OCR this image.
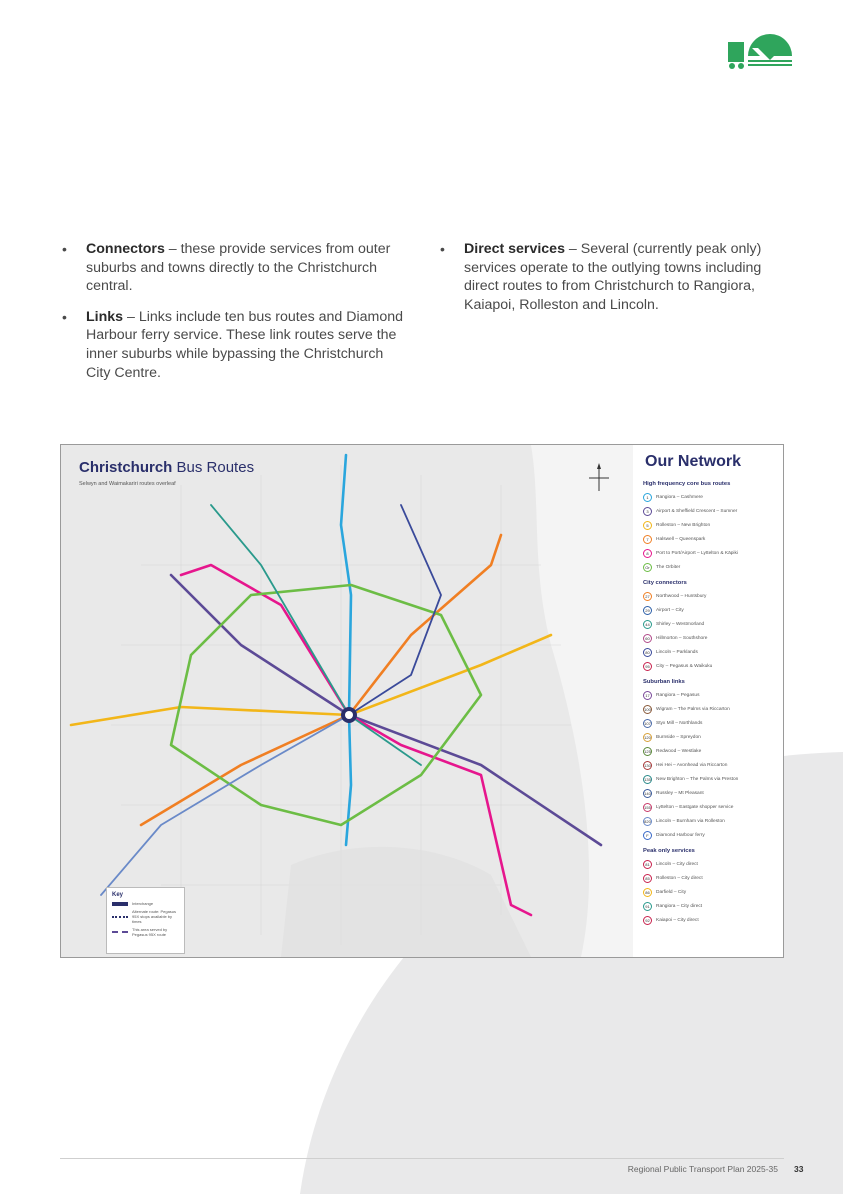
• Connectors – these provide services from outer suburbs and towns directly to the Christchurch central.
• Links – Links include ten bus routes and Diamond Harbour ferry service. These link routes serve the inner suburbs while bypassing the Christchurch City Centre.
• Direct services – Several (currently peak only) services operate to the outlying towns including direct routes to from Christchurch to Rangiora, Kaiapoi, Rolleston and Lincoln.
Christchurch Bus Routes
Selwyn and Waimakariri routes overleaf
Key
Interchange
Alternate route: Pegasus 95X stops available by times
This area served by Pegasus 95X route
Our Network
High frequency core bus routes
1	Rangiora – Cashmere
3	Airport & Sheffield Crescent – Sumner
5	Rolleston – New Brighton
7	Halswell – Queenspark
8	Port to Port/Airport – Lyttelton & Kāpiki
Or	The Orbiter
City connectors
27	Northwood – Huntsbury
29	Airport – City
44	Shirley – Westmorland
60	Hillmorton – Southshore
80	Lincoln – Parklands
95	City – Pegasus & Waikuku
Suburban links
17	Rangiora – Pegasus
100 Wigram – The Palms via Riccarton
107 Styx Mill – Northlands
120 Burnside – Spreydon
125 Redwood – Westlake
130 Hei Hei – Avonhead via Riccarton
135 New Brighton – The Palms via Preston
140 Russley – Mt Pleasant
155 Lyttelton – Eastgate shopper service
820 Lincoln – Burnham via Rolleston
F	Diamond Harbour ferry
Peak only services
81	Lincoln – City direct
85	Rolleston – City direct
86	Darfield – City
91	Rangiora – City direct
92	Kaiapoi – City direct
Regional Public Transport Plan 2025-35 33
